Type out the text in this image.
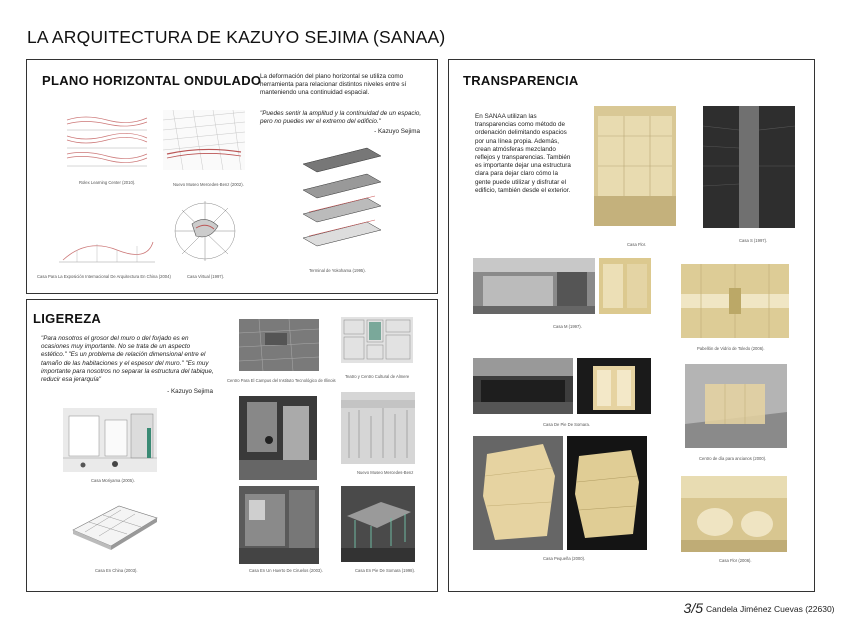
LA ARQUITECTURA DE KAZUYO SEJIMA (SANAA)
PLANO HORIZONTAL ONDULADO
La deformación del plano horizontal se utiliza como herramienta para relacionar distintos niveles entre sí manteniendo una continuidad espacial.
"Puedes sentir la amplitud y la continuidad de un espacio, pero no puedes ver el extremo del edificio."
- Kazuyo Sejima
Rolex Learning Center (2010).	Nuevo Museo Mercedes-Benz (2002).
Casa Virtual (1997).
Casa Para La Exposición Internacional De Arquitectura En China (2004)
Terminal de Yokohama (1995).
LIGEREZA
"Para nosotros el grosor del muro o del forjado es en ocasiones muy importante. No se trata de un aspecto estético." "Es un problema de relación dimensional entre el tamaño de las habitaciones y el espesor del muro." "Es muy importante para nosotros no separar la estructura del tabique, reducir esa jerarquía"
- Kazuyo Sejima
Casa Moriyama (2005).
Casa En China (2003).
Centro Para El Campus del Instituto Tecnológico de Illinois
Teatro y Centro Cultural de Almere
Nuevo Museo Mercedes-Benz
Casa En Un Huerto De Ciruelos (2003).	Casa En Pie De Somara (1998).
TRANSPARENCIA
En SANAA utilizan las transparencias como método de ordenación delimitando espacios por una línea propia. Además, crean atmósferas mezclando reflejos y transparencias. También es importante dejar una estructura clara para dejar claro cómo la gente puede utilizar y disfrutar el edificio, también desde el exterior.
Casa Flor.
Casa S (1997).
Casa M (1997).
Pabellón de Vidrio de Toledo (2006).
Casa De Pie De Somara.
Centro de día para ancianos (2000).
Casa Pequeña (2000).	Casa Flor (2006).
3/5 Candela Jiménez Cuevas (22630)
